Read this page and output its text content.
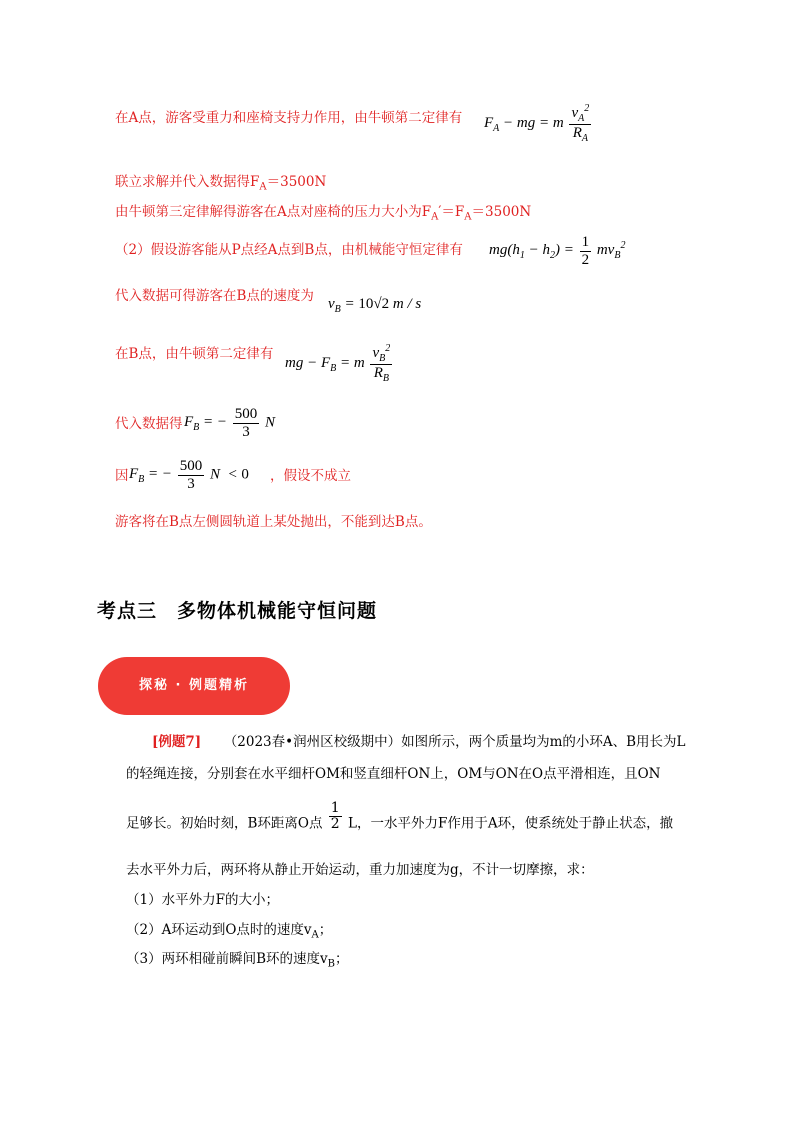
在A点，游客受重力和座椅支持力作用，由牛顿第二定律有 $F_A$ − mg = m $\frac{v_A^2}{R_A}$
联立求解并代入数据得$F_A=3500N$
由牛顿第三定律解得游客在A点对座椅的压力大小为$F_A'=F_A=3500N$
（2）假设游客能从P点经A点到B点，由机械能守恒定律有 $mg(h_1 - h_2) = \frac{1}{2} mv_B^2$
代入数据可得游客在B点的速度为 $v_B = 10√2$ m / s
在B点，由牛顿第二定律有
mg − $F_B = m \frac{v_B^2}{R_B}$
代入数据得 $F_B$ = − $\frac{500}{3}$ N
因 $F_B$ = − $\frac{500}{3}$ N  < 0 ，假设不成立
游客将在B点左侧圆轨道上某处抛出，不能到达B点。
考点三　多物体机械能守恒问题
探秘 · 例题精析
[例题7] （2023春•润州区校级期中）如图所示，两个质量均为m的小环A、B用长为L
的轻绳连接，分别套在水平细杆OM和竖直细杆ON上，OM与ON在O点平滑相连，且ON
足够长。初始时刻，B环距离O点 $\frac{1}{2}$ L，一水平外力F作用于A环，使系统处于静止状态，撤
去水平外力后，两环将从静止开始运动，重力加速度为g，不计一切摩擦，求：
（1）水平外力F的大小；
（2）A环运动到O点时的速度$v_A$；
（3）两环相碰前瞬间B环的速度$v_B$；
